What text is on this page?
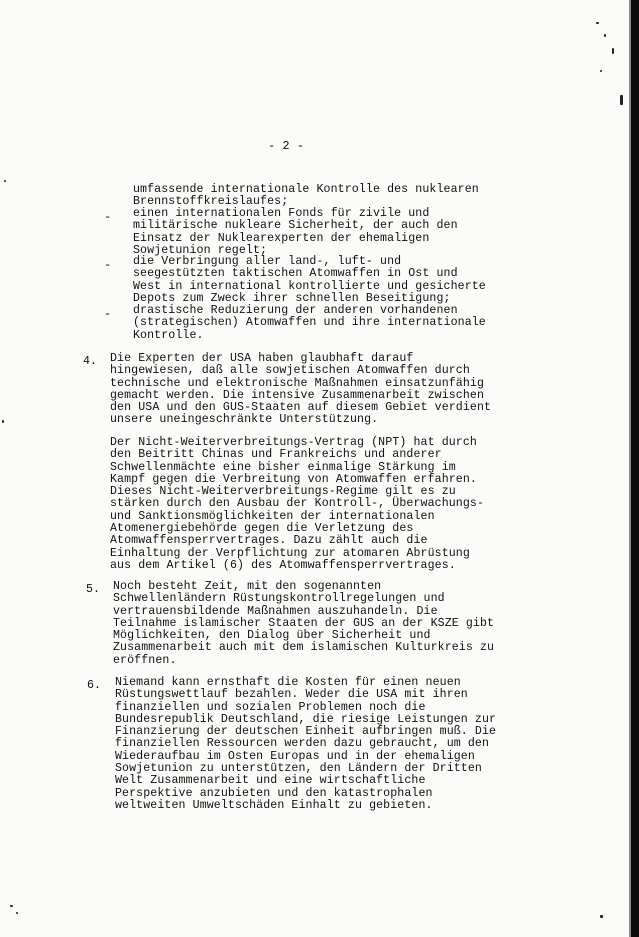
- 2 -

umfassende internationale Kontrolle des nuklearen

Brennstoffkreislaufes;

- einen internationalen Fonds für zivile und

militärische nukleare Sicherheit, der auch den

Einsatz der Nuklearexperten der ehemaligen

Sowjetunion regelt;

- die Verbringung aller land-, luft- und

seegestützten taktischen Atomwaffen in Ost und

West in international kontrollierte und gesicherte

Depots zum Zweck ihrer schnellen Beseitigung;

- drastische Reduzierung der anderen vorhandenen

(strategischen) Atomwaffen und ihre internationale

Kontrolle.

4. Die Experten der USA haben glaubhaft darauf

hingewiesen, daß alle sowjetischen Atomwaffen durch

technische und elektronische Maßnahmen einsatzunfähig

gemacht werden. Die intensive Zusammenarbeit zwischen

den USA und den GUS-Staaten auf diesem Gebiet verdient

unsere uneingeschränkte Unterstützung.

Der Nicht-Weiterverbreitungs-Vertrag (NPT) hat durch

den Beitritt Chinas und Frankreichs und anderer

Schwellenmächte eine bisher einmalige Stärkung im

Kampf gegen die Verbreitung von Atomwaffen erfahren.

Dieses Nicht-Weiterverbreitungs-Regime gilt es zu

stärken durch den Ausbau der Kontroll-, Überwachungs-

und Sanktionsmöglichkeiten der internationalen

Atomenergiebehörde gegen die Verletzung des

Atomwaffensperrvertrages. Dazu zählt auch die

Einhaltung der Verpflichtung zur atomaren Abrüstung

aus dem Artikel (6) des Atomwaffensperrvertrages.

5. Noch besteht Zeit, mit den sogenannten

Schwellenländern Rüstungskontrollregelungen und

vertrauensbildende Maßnahmen auszuhandeln. Die

Teilnahme islamischer Staaten der GUS an der KSZE gibt

Möglichkeiten, den Dialog über Sicherheit und

Zusammenarbeit auch mit dem islamischen Kulturkreis zu

eröffnen.

6. Niemand kann ernsthaft die Kosten für einen neuen

Rüstungswettlauf bezahlen. Weder die USA mit ihren

finanziellen und sozialen Problemen noch die

Bundesrepublik Deutschland, die riesige Leistungen zur

Finanzierung der deutschen Einheit aufbringen muß. Die

finanziellen Ressourcen werden dazu gebraucht, um den

Wiederaufbau im Osten Europas und in der ehemaligen

Sowjetunion zu unterstützen, den Ländern der Dritten

Welt Zusammenarbeit und eine wirtschaftliche

Perspektive anzubieten und den katastrophalen

weltweiten Umweltschäden Einhalt zu gebieten.
